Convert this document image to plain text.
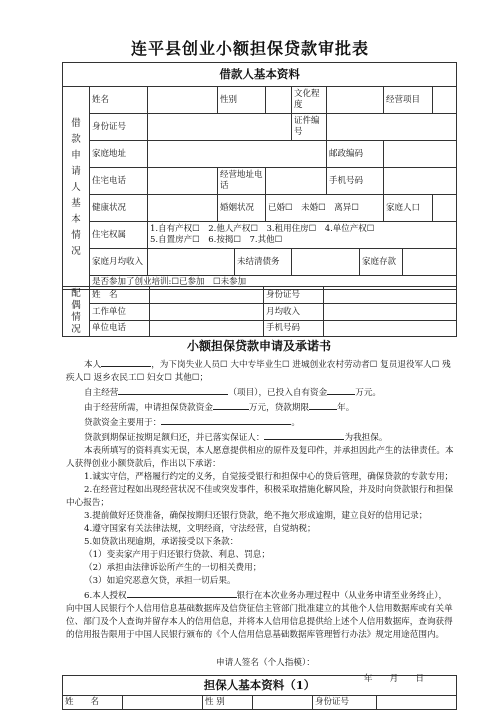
连平县创业小额担保贷款审批表
借款人基本资料											

借款申请人基本情况	姓名		性别			文化程度			经营项目		
	身份证号					证件编号					
	家庭地址						邮政编码				
	住宅电话		经营地址电话				手机号码				
	健康状况		婚姻状况		已婚☐　未婚☐　离异☐				家庭人口		
	住宅权属	1.自有产权☐　2.他人产权☐　3.租用住房☐　4.单位产权☐
5.自置房产☐　6.按揭☐　7.其他☐									

	家庭月均收入			未结清债务				家庭存款			
	是否参加了创业培训:☐已参加　☐未参加										
配偶情况	姓　名		身份证号	
	工作单位		月均收入	
	单位电话		手机号码	
小额担保贷款申请及承诺书

本人	，为下岗失业人员☐ 大中专毕业生☐ 进城创业农村劳动者☐ 复员退役军人☐ 残疾人☐ 返乡农民工☐ 妇女☐ 其他☐；

自主经营	（项目），已投入自有资金	万元。

由于经营所需，申请担保贷款资金	万元，贷款期限	年。

贷款资金主要用于：	。

贷款到期保证按期足额归还，并已落实保证人：	为我担保。

本表所填写的资料真实无误，本人愿意提供相应的原件及复印件，并承担因此产生的法律责任。本人获得创业小额贷款后，作出以下承诺：

1.诚实守信，严格履行约定的义务，自觉接受银行和担保中心的贷后管理，确保贷款的专款专用；

2.在经营过程如出现经营状况不佳或突发事件，积极采取措施化解风险，并及时向贷款银行和担保中心报告；

3.提前做好还贷准备，确保按期归还银行贷款，绝不拖欠形成逾期，建立良好的信用记录；

4.遵守国家有关法律法规，文明经商，守法经营，自觉纳税；

5.如贷款出现逾期，承诺接受以下条款：

（1）变卖家产用于归还银行贷款、利息、罚息；

（2）承担由法律诉讼所产生的一切相关费用；

（3）如追究恶意欠贷，承担一切后果。

6.本人授权	银行在本次业务办理过程中（从业务申请至业务终止），向中国人民银行个人信用信息基础数据库及信贷征信主管部门批准建立的其他个人信用数据库或有关单位、部门及个人查询并留存本人的信用信息，并将本人信用信息提供给上述个人信用数据库，查询获得的信用报告限用于中国人民银行颁布的《个人信用信息基础数据库管理暂行办法》规定用途范围内。

申请人签名（个人指模）：
年　　月　　日
担保人基本资料（1）
姓　　名		性 别		身份证号	
